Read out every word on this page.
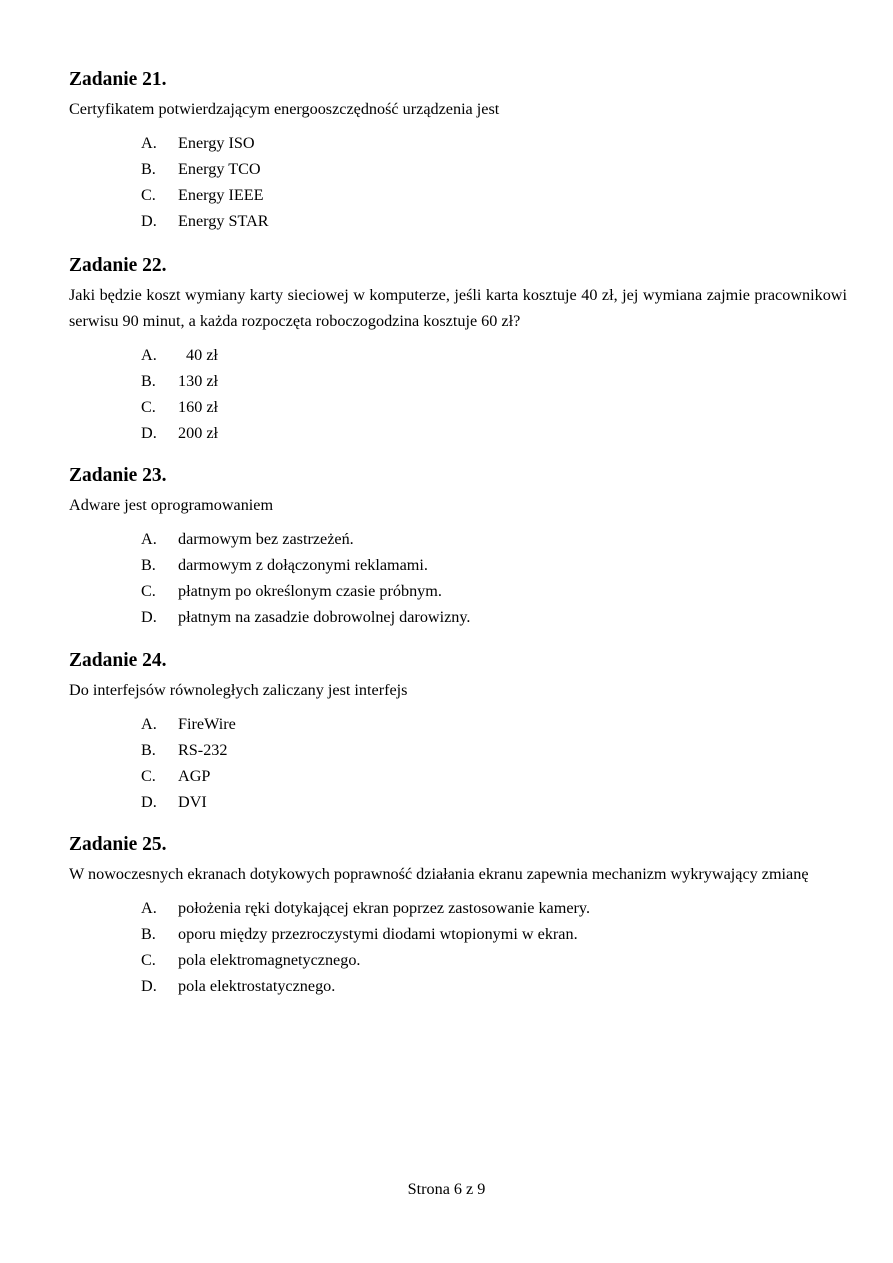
Zadanie 21.

Certyfikatem potwierdzającym energooszczędność urządzenia jest

A.	Energy ISO
B.	Energy TCO
C.	Energy IEEE
D.	Energy STAR
Zadanie 22.

Jaki będzie koszt wymiany karty sieciowej w komputerze, jeśli karta kosztuje 40 zł, jej wymiana zajmie pracownikowi serwisu 90 minut, a każda rozpoczęta roboczogodzina kosztuje 60 zł?

A.	40 zł
B.	130 zł
C.	160 zł
D.	200 zł
Zadanie 23.

Adware jest oprogramowaniem

A.	darmowym bez zastrzeżeń.
B.	darmowym z dołączonymi reklamami.
C.	płatnym po określonym czasie próbnym.
D.	płatnym na zasadzie dobrowolnej darowizny.
Zadanie 24.

Do interfejsów równoległych zaliczany jest interfejs

A.	FireWire
B.	RS-232
C.	AGP
D.	DVI
Zadanie 25.

W nowoczesnych ekranach dotykowych poprawność działania ekranu zapewnia mechanizm wykrywający zmianę

A.	położenia ręki dotykającej ekran poprzez zastosowanie kamery.
B.	oporu między przezroczystymi diodami wtopionymi w ekran.
C.	pola elektromagnetycznego.
D.	pola elektrostatycznego.
Strona 6 z 9
